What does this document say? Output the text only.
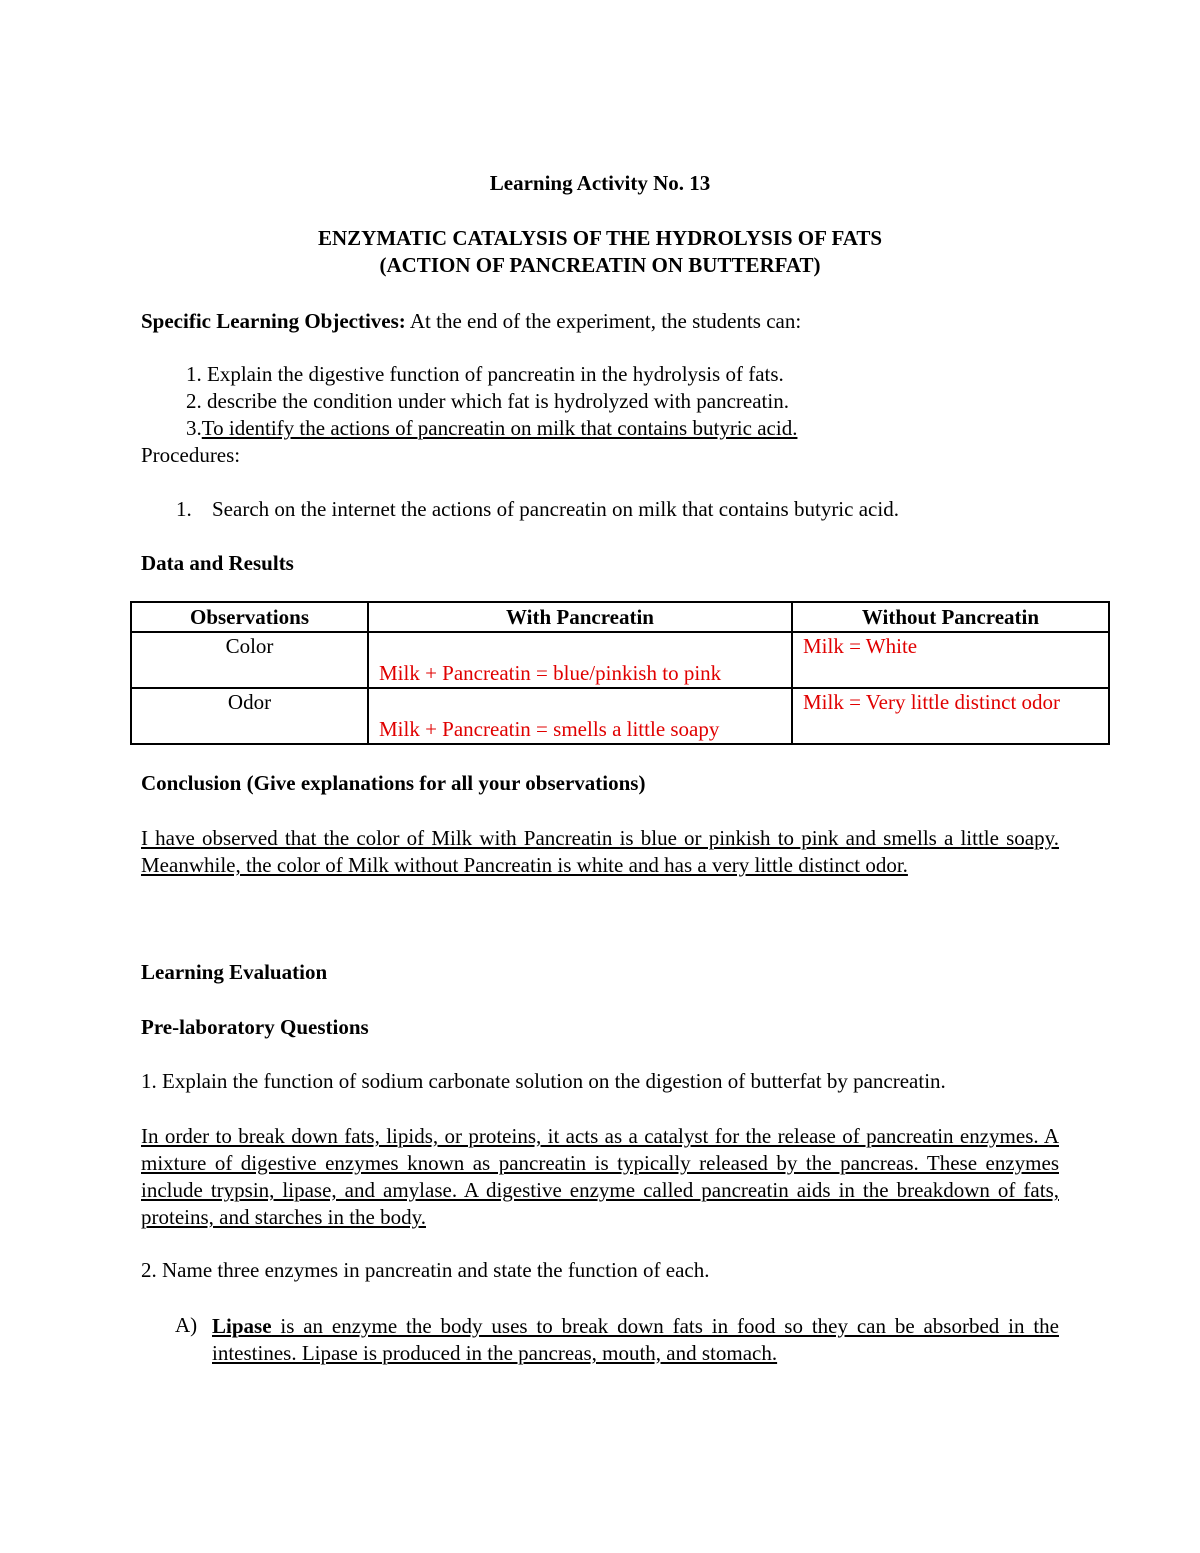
Learning Activity No. 13
ENZYMATIC CATALYSIS OF THE HYDROLYSIS OF FATS
(ACTION OF PANCREATIN ON BUTTERFAT)
Specific Learning Objectives: At the end of the experiment, the students can:
1. Explain the digestive function of pancreatin in the hydrolysis of fats.
2. describe the condition under which fat is hydrolyzed with pancreatin.
3.To identify the actions of pancreatin on milk that contains butyric acid.
Procedures:
1. Search on the internet the actions of pancreatin on milk that contains butyric acid.
Data and Results
Observations	With Pancreatin	Without Pancreatin
Color	Milk + Pancreatin = blue/pinkish to pink	Milk = White
Odor	Milk + Pancreatin = smells a little soapy	Milk = Very little distinct odor
Conclusion (Give explanations for all your observations)
I have observed that the color of Milk with Pancreatin is blue or pinkish to pink and smells a little soapy. Meanwhile, the color of Milk without Pancreatin is white and has a very little distinct odor.
Learning Evaluation
Pre-laboratory Questions
1. Explain the function of sodium carbonate solution on the digestion of butterfat by pancreatin.
In order to break down fats, lipids, or proteins, it acts as a catalyst for the release of pancreatin enzymes. A mixture of digestive enzymes known as pancreatin is typically released by the pancreas. These enzymes include trypsin, lipase, and amylase. A digestive enzyme called pancreatin aids in the breakdown of fats, proteins, and starches in the body.
2. Name three enzymes in pancreatin and state the function of each.
A) Lipase is an enzyme the body uses to break down fats in food so they can be absorbed in the intestines. Lipase is produced in the pancreas, mouth, and stomach.
